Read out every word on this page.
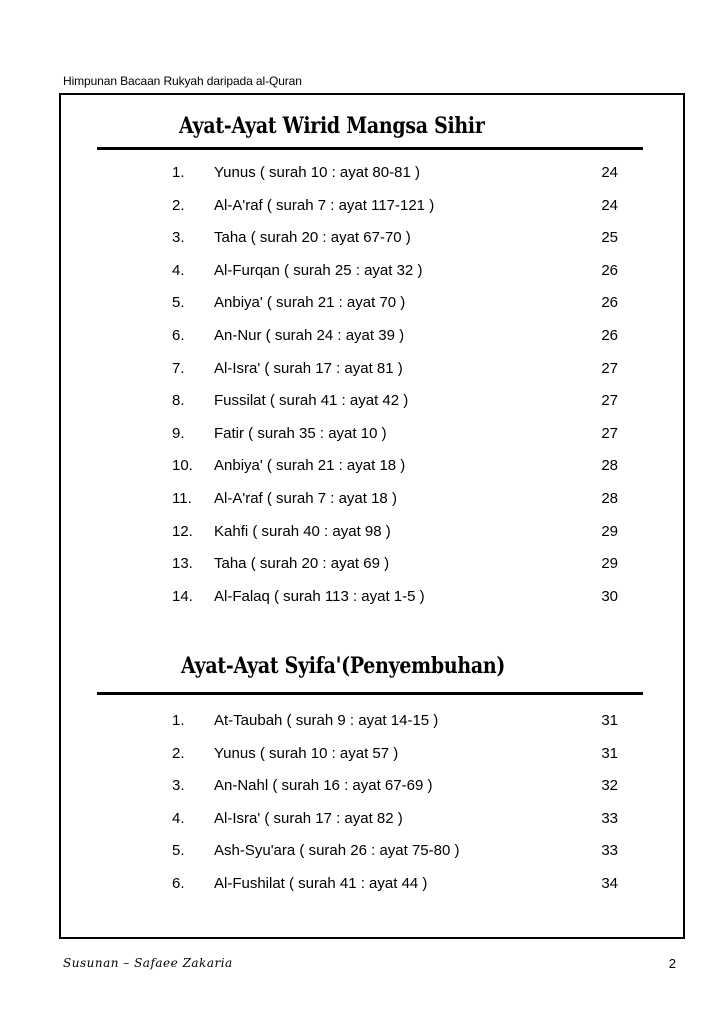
Himpunan Bacaan Rukyah daripada al-Quran
Ayat-Ayat Wirid Mangsa Sihir
1. Yunus ( surah 10 : ayat 80-81 )	24
2. Al-A'raf ( surah 7 : ayat 117-121 )	24
3. Taha ( surah 20 : ayat 67-70 )	25
4. Al-Furqan ( surah 25 : ayat 32 )	26
5. Anbiya' ( surah 21 : ayat 70 )	26
6. An-Nur ( surah 24 : ayat 39 )	26
7. Al-Isra' ( surah 17 : ayat 81 )	27
8. Fussilat ( surah 41 : ayat 42 )	27
9. Fatir ( surah 35 : ayat 10 )	27
10. Anbiya' ( surah 21 : ayat 18 )	28
11. Al-A'raf ( surah 7 : ayat 18 )	28
12. Kahfi ( surah 40 : ayat 98 )	29
13. Taha ( surah 20 : ayat 69 )	29
14. Al-Falaq ( surah 113 : ayat 1-5 )	30
Ayat-Ayat Syifa'(Penyembuhan)
1. At-Taubah ( surah 9 : ayat 14-15 )	31
2. Yunus ( surah 10 : ayat 57 )	31
3. An-Nahl ( surah 16 : ayat 67-69 )	32
4. Al-Isra' ( surah 17 : ayat 82 )	33
5. Ash-Syu'ara ( surah 26 : ayat 75-80 )	33
6. Al-Fushilat ( surah 41 : ayat 44 )	34
Susunan – Safaee Zakaria	2
